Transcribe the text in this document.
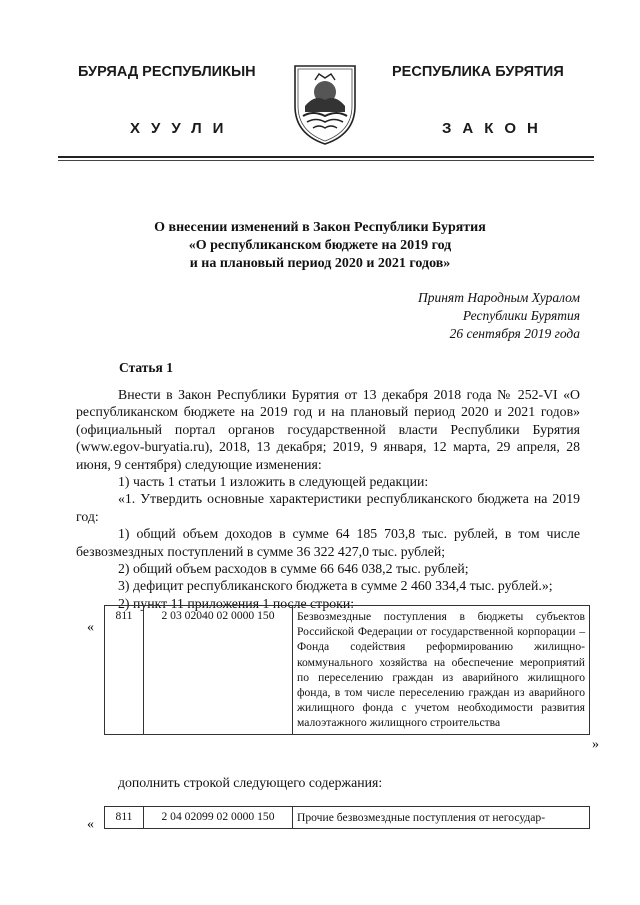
БУРЯАД РЕСПУБЛИКЫН
ХУУЛИ
РЕСПУБЛИКА БУРЯТИЯ
ЗАКОН
О внесении изменений в Закон Республики Бурятия
«О республиканском бюджете на 2019 год
и на плановый период 2020 и 2021 годов»
Принят Народным Хуралом
Республики Бурятия
26 сентября 2019 года
Статья 1

Внести в Закон Республики Бурятия от 13 декабря 2018 года № 252-VI «О республиканском бюджете на 2019 год и на плановый период 2020 и 2021 годов» (официальный портал органов государственной власти Республики Бурятия (www.egov-buryatia.ru), 2018, 13 декабря; 2019, 9 января, 12 марта, 29 апреля, 28 июня, 9 сентября) следующие изменения:

1) часть 1 статьи 1 изложить в следующей редакции:

«1. Утвердить основные характеристики республиканского бюджета на 2019 год:

1) общий объем доходов в сумме 64 185 703,8 тыс. рублей, в том числе безвозмездных поступлений в сумме 36 322 427,0 тыс. рублей;

2) общий объем расходов в сумме 66 646 038,2 тыс. рублей;

3) дефицит республиканского бюджета в сумме 2 460 334,4 тыс. рублей.»;

2) пункт 11 приложения 1 после строки:

«
811	2 03 02040 02 0000 150	Безвозмездные поступления в бюджеты субъектов Российской Федерации от государственной корпорации – Фонда содействия реформированию жилищно-коммунального хозяйства на обеспечение мероприятий по переселению граждан из аварийного жилищного фонда, в том числе переселению граждан из аварийного жилищного фонда с учетом необходимости развития малоэтажного жилищного строительства
»
дополнить строкой следующего содержания:
«
811	2 04 02099 02 0000 150	Прочие безвозмездные поступления от негосудар-
